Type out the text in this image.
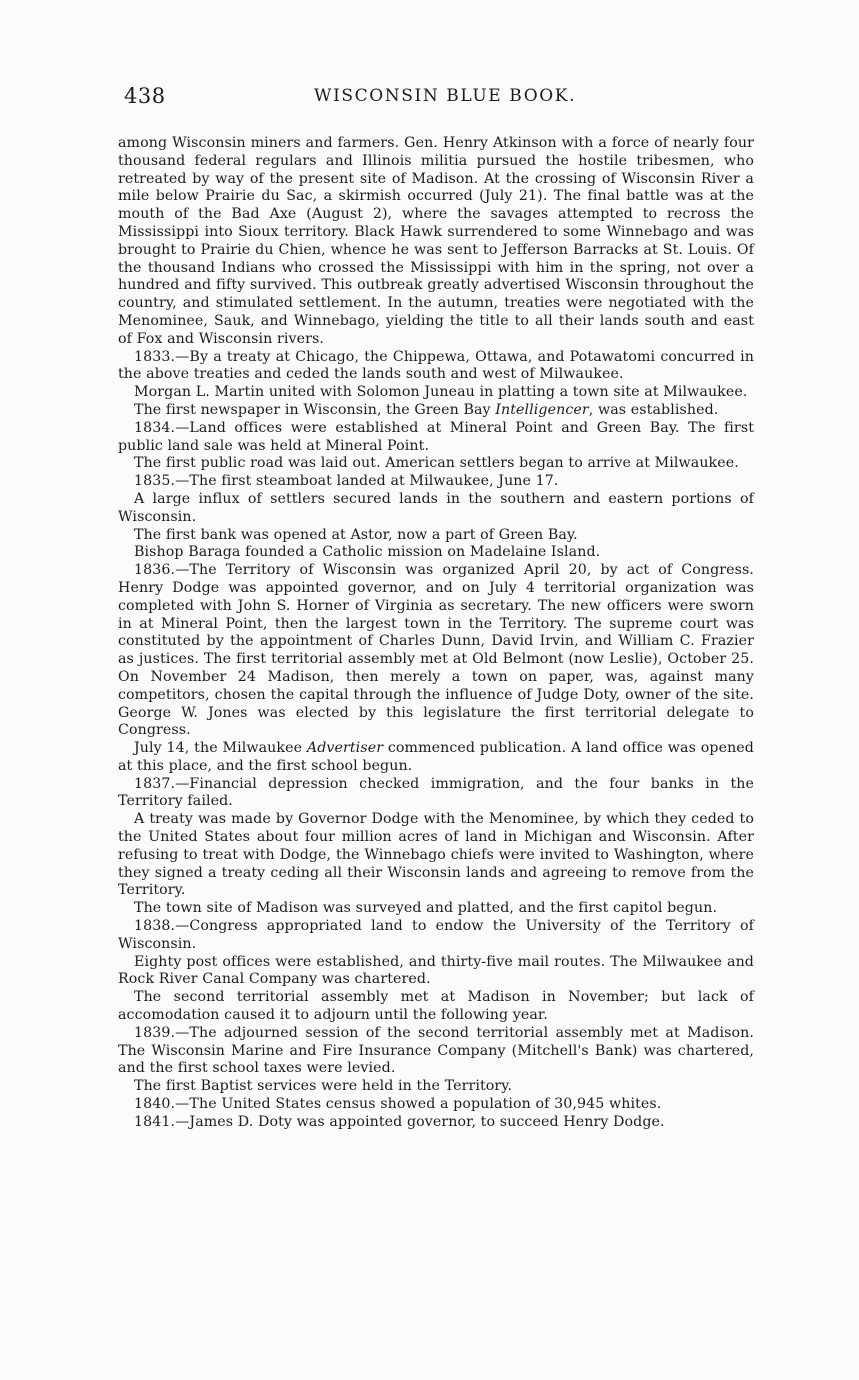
438	WISCONSIN BLUE BOOK.

among Wisconsin miners and farmers. Gen. Henry Atkinson with a force of nearly four thousand federal regulars and Illinois militia pursued the hostile tribesmen, who retreated by way of the present site of Madison. At the crossing of Wisconsin River a mile below Prairie du Sac, a skirmish occurred (July 21). The final battle was at the mouth of the Bad Axe (August 2), where the savages attempted to recross the Mississippi into Sioux territory. Black Hawk surrendered to some Winnebago and was brought to Prairie du Chien, whence he was sent to Jefferson Barracks at St. Louis. Of the thousand Indians who crossed the Mississippi with him in the spring, not over a hundred and fifty survived. This outbreak greatly advertised Wisconsin throughout the country, and stimulated settlement. In the autumn, treaties were negotiated with the Menominee, Sauk, and Winnebago, yielding the title to all their lands south and east of Fox and Wisconsin rivers.

1833.—By a treaty at Chicago, the Chippewa, Ottawa, and Potawatomi concurred in the above treaties and ceded the lands south and west of Milwaukee.

Morgan L. Martin united with Solomon Juneau in platting a town site at Milwaukee.

The first newspaper in Wisconsin, the Green Bay Intelligencer, was established.

1834.—Land offices were established at Mineral Point and Green Bay. The first public land sale was held at Mineral Point.

The first public road was laid out. American settlers began to arrive at Milwaukee.

1835.—The first steamboat landed at Milwaukee, June 17.

A large influx of settlers secured lands in the southern and eastern portions of Wisconsin.

The first bank was opened at Astor, now a part of Green Bay.

Bishop Baraga founded a Catholic mission on Madelaine Island.

1836.—The Territory of Wisconsin was organized April 20, by act of Congress. Henry Dodge was appointed governor, and on July 4 territorial organization was completed with John S. Horner of Virginia as secretary. The new officers were sworn in at Mineral Point, then the largest town in the Territory. The supreme court was constituted by the appointment of Charles Dunn, David Irvin, and William C. Frazier as justices. The first territorial assembly met at Old Belmont (now Leslie), October 25. On November 24 Madison, then merely a town on paper, was, against many competitors, chosen the capital through the influence of Judge Doty, owner of the site. George W. Jones was elected by this legislature the first territorial delegate to Congress.

July 14, the Milwaukee Advertiser commenced publication. A land office was opened at this place, and the first school begun.

1837.—Financial depression checked immigration, and the four banks in the Territory failed.

A treaty was made by Governor Dodge with the Menominee, by which they ceded to the United States about four million acres of land in Michigan and Wisconsin. After refusing to treat with Dodge, the Winnebago chiefs were invited to Washington, where they signed a treaty ceding all their Wisconsin lands and agreeing to remove from the Territory.

The town site of Madison was surveyed and platted, and the first capitol begun.

1838.—Congress appropriated land to endow the University of the Territory of Wisconsin.

Eighty post offices were established, and thirty-five mail routes. The Milwaukee and Rock River Canal Company was chartered.

The second territorial assembly met at Madison in November; but lack of accomodation caused it to adjourn until the following year.

1839.—The adjourned session of the second territorial assembly met at Madison. The Wisconsin Marine and Fire Insurance Company (Mitchell's Bank) was chartered, and the first school taxes were levied.

The first Baptist services were held in the Territory.

1840.—The United States census showed a population of 30,945 whites.

1841.—James D. Doty was appointed governor, to succeed Henry Dodge.
